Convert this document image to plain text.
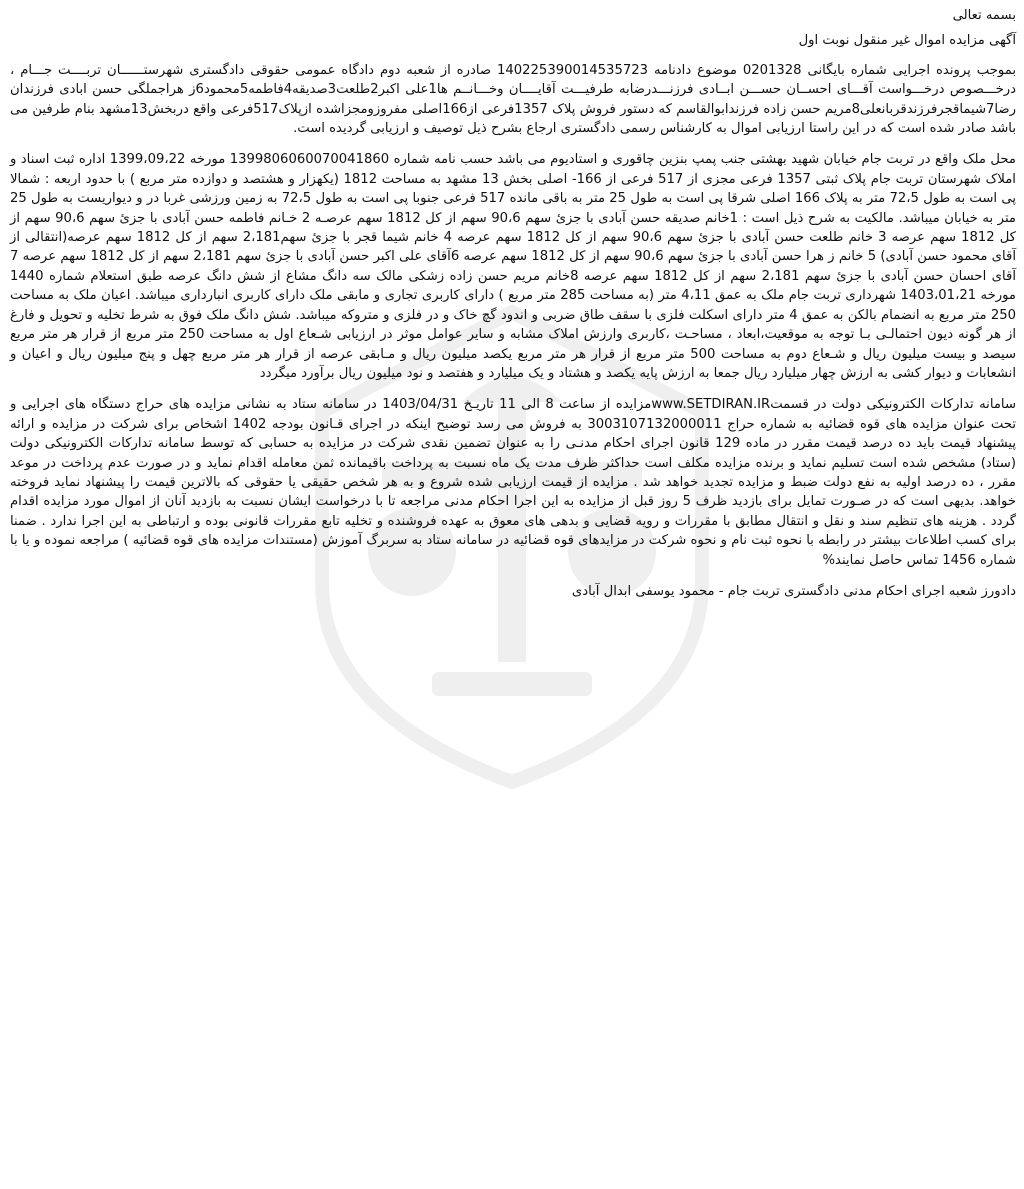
بسمه تعالی
آگهی مزایده اموال غیر منقول نوبت اول

بموجب پرونده اجرایی شماره بایگانی 0201328 موضوع دادنامه 140225390014535723 صادره از شعبه دوم دادگاه عمومی حقوقی دادگستری شهرستــــــان تربــــت جـــام ، درخـــصوص درخـــواست آقـــای احســان حســـن ابــادی فرزنـــدرضابه طرفیـــت آقایــــان وخـــانــم ها1علی اکبر2طلعت3صدیقه4فاطمه5محمود6ز هراجملگی حسن ابادی فرزندان رضا7شیماقجرفرزندقربانعلی8مریم حسن زاده فرزندابوالقاسم که دستور فروش پلاک 1357فرعی از166اصلی مفروزومجزاشده ازپلاک517فرعی واقع دربخش13مشهد بنام طرفین می باشد صادر شده است که در این راستا ارزیابی اموال به کارشناس رسمی دادگستری ارجاع بشرح ذیل توصیف و ارزیابی گردیده است.

محل ملک واقع در تربت جام خیابان شهید بهشتی جنب پمپ بنزین چاقوری و استادیوم می باشد حسب نامه شماره 139980606007004186‌0 مورخه 1399،09،22 اداره ثبت اسناد و املاک شهرستان تربت جام پلاک ثبتی 1357 فرعی مجزی از 517 فرعی از 166- اصلی بخش 13 مشهد به مساحت 1812 (یکهزار و هشتصد و دوازده متر مربع ) با حدود اربعه : شمالا پی است به طول 72،5 متر به پلاک 166 اصلی شرقا پی است به طول 25 متر به باقی مانده 517 فرعی جنوبا پی است به طول 72،5 به زمین ورزشی غربا در و دیواریست به طول 25 متر به خیابان میباشد. مالکیت به شرح ذیل است : 1خانم صدیقه حسن آبادی با جزئ سهم 90،6 سهم از کل 1812 سهم عرصـه 2 خـانم فاطمه حسن آبادی با جزئ سهم 90،6 سهم از کل 1812 سهم عرصه 3 خانم طلعت حسن آبادی با جزئ سهم 90،6 سهم از کل 1812 سهم عرصه 4 خانم شیما قجر با جزئ سهم2،181 سهم از کل 1812 سهم عرصه(انتقالی از آقای محمود حسن آبادی) 5 خانم ز هرا حسن آبادی با جزئ سهم 90،6 سهم از کل 1812 سهم عرصه 6آقای علی اکبر حسن آبادی با جزئ سهم 2،181 سهم از کل 1812 سهم عرصه 7 آقای احسان حسن آبادی با جزئ سهم 2،181 سهم از کل 1812 سهم عرصه 8خانم مریم حسن زاده زشکی مالک سه دانگ مشاع از شش دانگ عرصه طبق استعلام شماره 1440 مورخه 1403،01،21 شهرداری تربت جام ملک به عمق 4،11 متر (به مساحت 285 متر مربع ) دارای کاربری تجاری و مابقی ملک دارای کاربری انبارداری میباشد. اعیان ملک به مساحت 250 متر مربع به انضمام بالکن به عمق 4 متر دارای اسکلت فلزی با سقف طاق ضربی و اندود گچ خاک و در فلزی و متروکه میباشد. شش دانگ ملک فوق به شرط تخلیه و تحویل و فارغ از هر گونه دیون احتمالـی بـا توجه به موقعیت،ابعاد ، مساحـت ،کاربری وارزش املاک مشابه و سایر عوامل موثر در ارزیابی شـعاع اول به مساحت 250 متر مربع از قرار هر متر مربع سیصد و بیست میلیون ریال و شـعاع دوم به مساحت 500 متر مربع از قرار هر متر مربع یکصد میلیون ریال و مـابقی عرصه از قرار هر متر مربع چهل و پنج میلیون ریال و اعیان و انشعابات و دیوار کشی به ارزش چهار میلیارد ریال جمعا به ارزش پایه یکصد و هشتاد و یک میلیارد و هفتصد و نود میلیون ریال برآورد میگردد

سامانه تدارکات الکترونیکی دولت در قسمتwww.SETDIRAN.IRمزایده از ساعت 8 الی 11 تاریـخ 1403/04/31 در سامانه ستاد به نشانی مزایده های حراج دستگاه های اجرایی و تحت عنوان مزایده های قوه قضائیه به شماره حراج 3003107132000011 به فروش می رسد توضیح اینکه در اجرای قـانون بودجه 1402 اشخاص برای شرکت در مزایده و ارائه پیشنهاد قیمت باید ده درصد قیمت مقرر در ماده 129 قانون اجرای احکام مدنـی را به عنوان تضمین نقدی شرکت در مزایده به حسابی که توسط سامانه تدارکات الکترونیکی دولت (ستاد) مشخص شده است تسلیم نماید و برنده مزایده مکلف است حداکثر ظرف مدت یک ماه نسبت به پرداخت باقیمانده ثمن معامله اقدام نماید و در صورت عدم پرداخت در موعد مقرر ، ده درصد اولیه به نفع دولت ضبط و مزایده تجدید خواهد شد . مزایده از قیمت ارزیابی شده شروع و به هر شخص حقیقی یا حقوقی که بالاترین قیمت را پیشنهاد نماید فروخته خواهد. بدیهی است که در صـورت تمایل برای بازدید ظرف 5 روز قبل از مزایده به این اجرا احکام مدنی مراجعه تا با درخواست ایشان نسبت به بازدید آنان از اموال مورد مزایده اقدام گردد . هزینه های تنظیم سند و نقل و انتقال مطابق با مقررات و رویه قضایی و بدهی های معوق به عهده فروشنده و تخلیه تابع مقررات قانونی بوده و ارتباطی به این اجرا ندارد . ضمنا برای کسب اطلاعات بیشتر در رابطه با نحوه ثبت نام و نحوه شرکت در مزایدهای قوه قضائیه در سامانه ستاد به سربرگ آموزش (مستندات مزایده های قوه قضائیه ) مراجعه نموده و یا با شماره 1456 تماس حاصل نمایند%

دادورز شعبه اجرای احکام مدنی دادگستری تربت جام - محمود یوسفی ابدال آبادی
